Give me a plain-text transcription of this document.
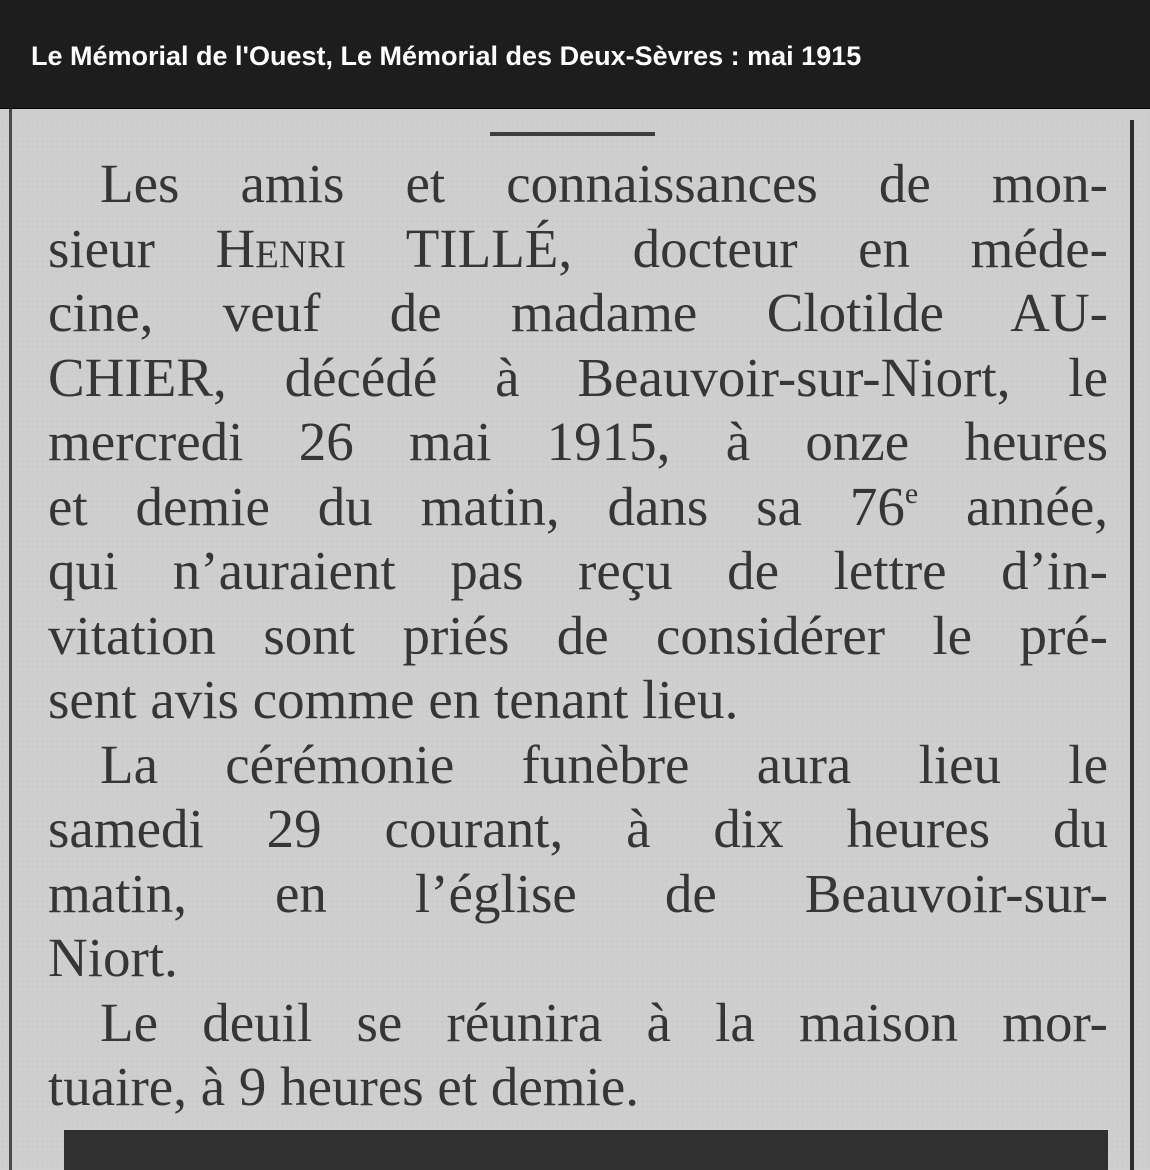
Le Mémorial de l'Ouest, Le Mémorial des Deux-Sèvres : mai 1915
Les amis et connaissances de mon-
sieur Henri TILLÉ, docteur en méde-
cine, veuf de madame Clotilde AU-
CHIER, décédé à Beauvoir-sur-Niort, le
mercredi 26 mai 1915, à onze heures
et demie du matin, dans sa 76e année,
qui n’auraient pas reçu de lettre d’in-
vitation sont priés de considérer le pré-
sent avis comme en tenant lieu.
La cérémonie funèbre aura lieu le
samedi 29 courant, à dix heures du
matin, en l’église de Beauvoir-sur-
Niort.
Le deuil se réunira à la maison mor-
tuaire, à 9 heures et demie.
